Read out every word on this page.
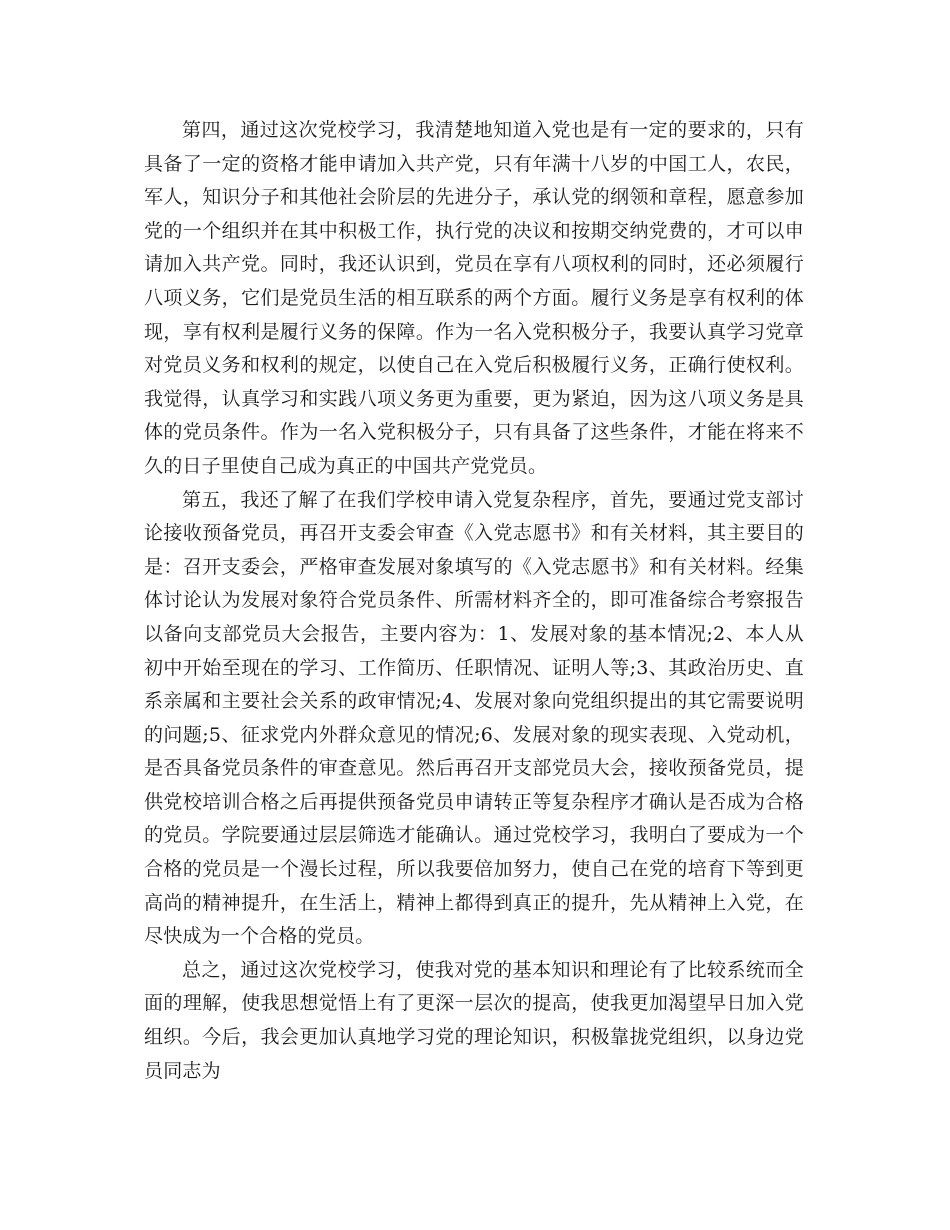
第四，通过这次党校学习，我清楚地知道入党也是有一定的要求的，只有具备了一定的资格才能申请加入共产党，只有年满十八岁的中国工人，农民，军人，知识分子和其他社会阶层的先进分子，承认党的纲领和章程，愿意参加党的一个组织并在其中积极工作，执行党的决议和按期交纳党费的，才可以申请加入共产党。同时，我还认识到，党员在享有八项权利的同时，还必须履行八项义务，它们是党员生活的相互联系的两个方面。履行义务是享有权利的体现，享有权利是履行义务的保障。作为一名入党积极分子，我要认真学习党章对党员义务和权利的规定，以使自己在入党后积极履行义务，正确行使权利。我觉得，认真学习和实践八项义务更为重要，更为紧迫，因为这八项义务是具体的党员条件。作为一名入党积极分子，只有具备了这些条件，才能在将来不久的日子里使自己成为真正的中国共产党党员。

第五，我还了解了在我们学校申请入党复杂程序，首先，要通过党支部讨论接收预备党员，再召开支委会审查《入党志愿书》和有关材料，其主要目的是：召开支委会，严格审查发展对象填写的《入党志愿书》和有关材料。经集体讨论认为发展对象符合党员条件、所需材料齐全的，即可准备综合考察报告以备向支部党员大会报告，主要内容为：1、发展对象的基本情况;2、本人从初中开始至现在的学习、工作简历、任职情况、证明人等;3、其政治历史、直系亲属和主要社会关系的政审情况;4、发展对象向党组织提出的其它需要说明的问题;5、征求党内外群众意见的情况;6、发展对象的现实表现、入党动机，是否具备党员条件的审查意见。然后再召开支部党员大会，接收预备党员，提供党校培训合格之后再提供预备党员申请转正等复杂程序才确认是否成为合格的党员。学院要通过层层筛选才能确认。通过党校学习，我明白了要成为一个合格的党员是一个漫长过程，所以我要倍加努力，使自己在党的培育下等到更高尚的精神提升，在生活上，精神上都得到真正的提升，先从精神上入党，在尽快成为一个合格的党员。

总之，通过这次党校学习，使我对党的基本知识和理论有了比较系统而全面的理解，使我思想觉悟上有了更深一层次的提高，使我更加渴望早日加入党组织。今后，我会更加认真地学习党的理论知识，积极靠拢党组织，以身边党员同志为
